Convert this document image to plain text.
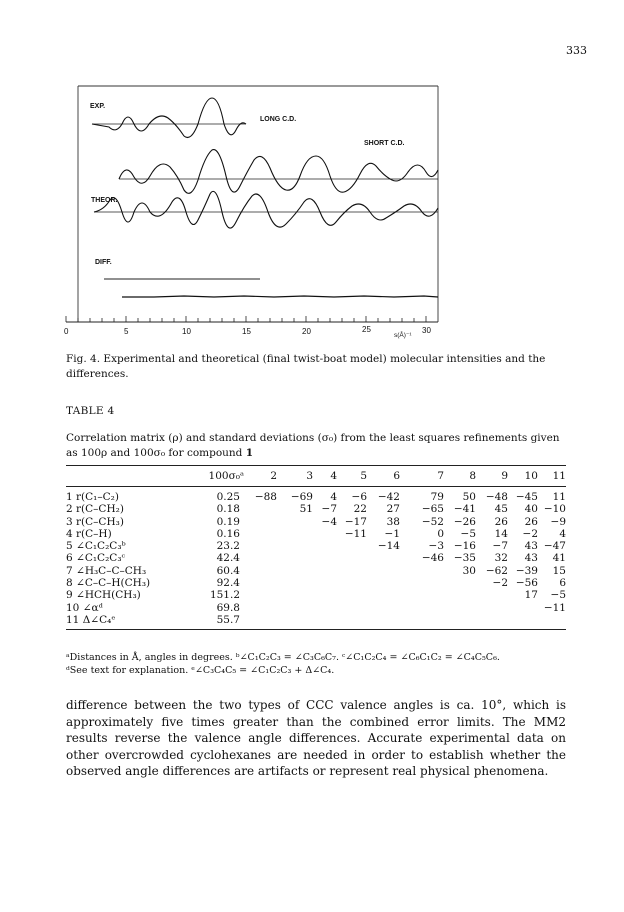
333
EXP.
LONG C.D.
SHORT C.D.
THEOR.
DIFF.
0	5	10	15	20	25	30
s(Å)⁻¹
Fig. 4. Experimental and theoretical (final twist-boat model) molecular intensities and the differences.
TABLE 4
Correlation matrix (ρ) and standard deviations (σ₀) from the least squares refinements given as 100ρ and 100σ₀ for compound 1
	100σ₀ᵃ	2	3	4	5	6	7	8	9	10	11
1 r(C₁–C₂)	0.25	−88	−69	4	−6	−42	79	50	−48	−45	11
2 r(C–CH₂)	0.18		51	−7	22	27	−65	−41	45	40	−10
3 r(C–CH₃)	0.19			−4	−17	38	−52	−26	26	26	−9
4 r(C–H)	0.16				−11	−1	0	−5	14	−2	4
5 ∠C₁C₂C₃ᵇ	23.2					−14	−3	−16	−7	43	−47
6 ∠C₁C₂C₃ᶜ	42.4						−46	−35	32	43	41
7 ∠H₃C–C–CH₃	60.4							30	−62	−39	15
8 ∠C–C–H(CH₃)	92.4								−2	−56	6
9 ∠HCH(CH₃)	151.2									17	−5
10 ∠αᵈ	69.8										−11
11 Δ∠C₄ᵉ	55.7										
ᵃDistances in Å, angles in degrees. ᵇ∠C₁C₂C₃ = ∠C₃C₆C₇. ᶜ∠C₁C₂C₄ = ∠C₆C₁C₂ = ∠C₄C₅C₆.
ᵈSee text for explanation. ᵉ∠C₃C₄C₅ = ∠C₁C₂C₃ + Δ∠C₄.
difference between the two types of CCC valence angles is ca. 10°, which is approximately five times greater than the combined error limits. The MM2 results reverse the valence angle differences. Accurate experimental data on other overcrowded cyclohexanes are needed in order to establish whether the observed angle differences are artifacts or represent real physical phenomena.
